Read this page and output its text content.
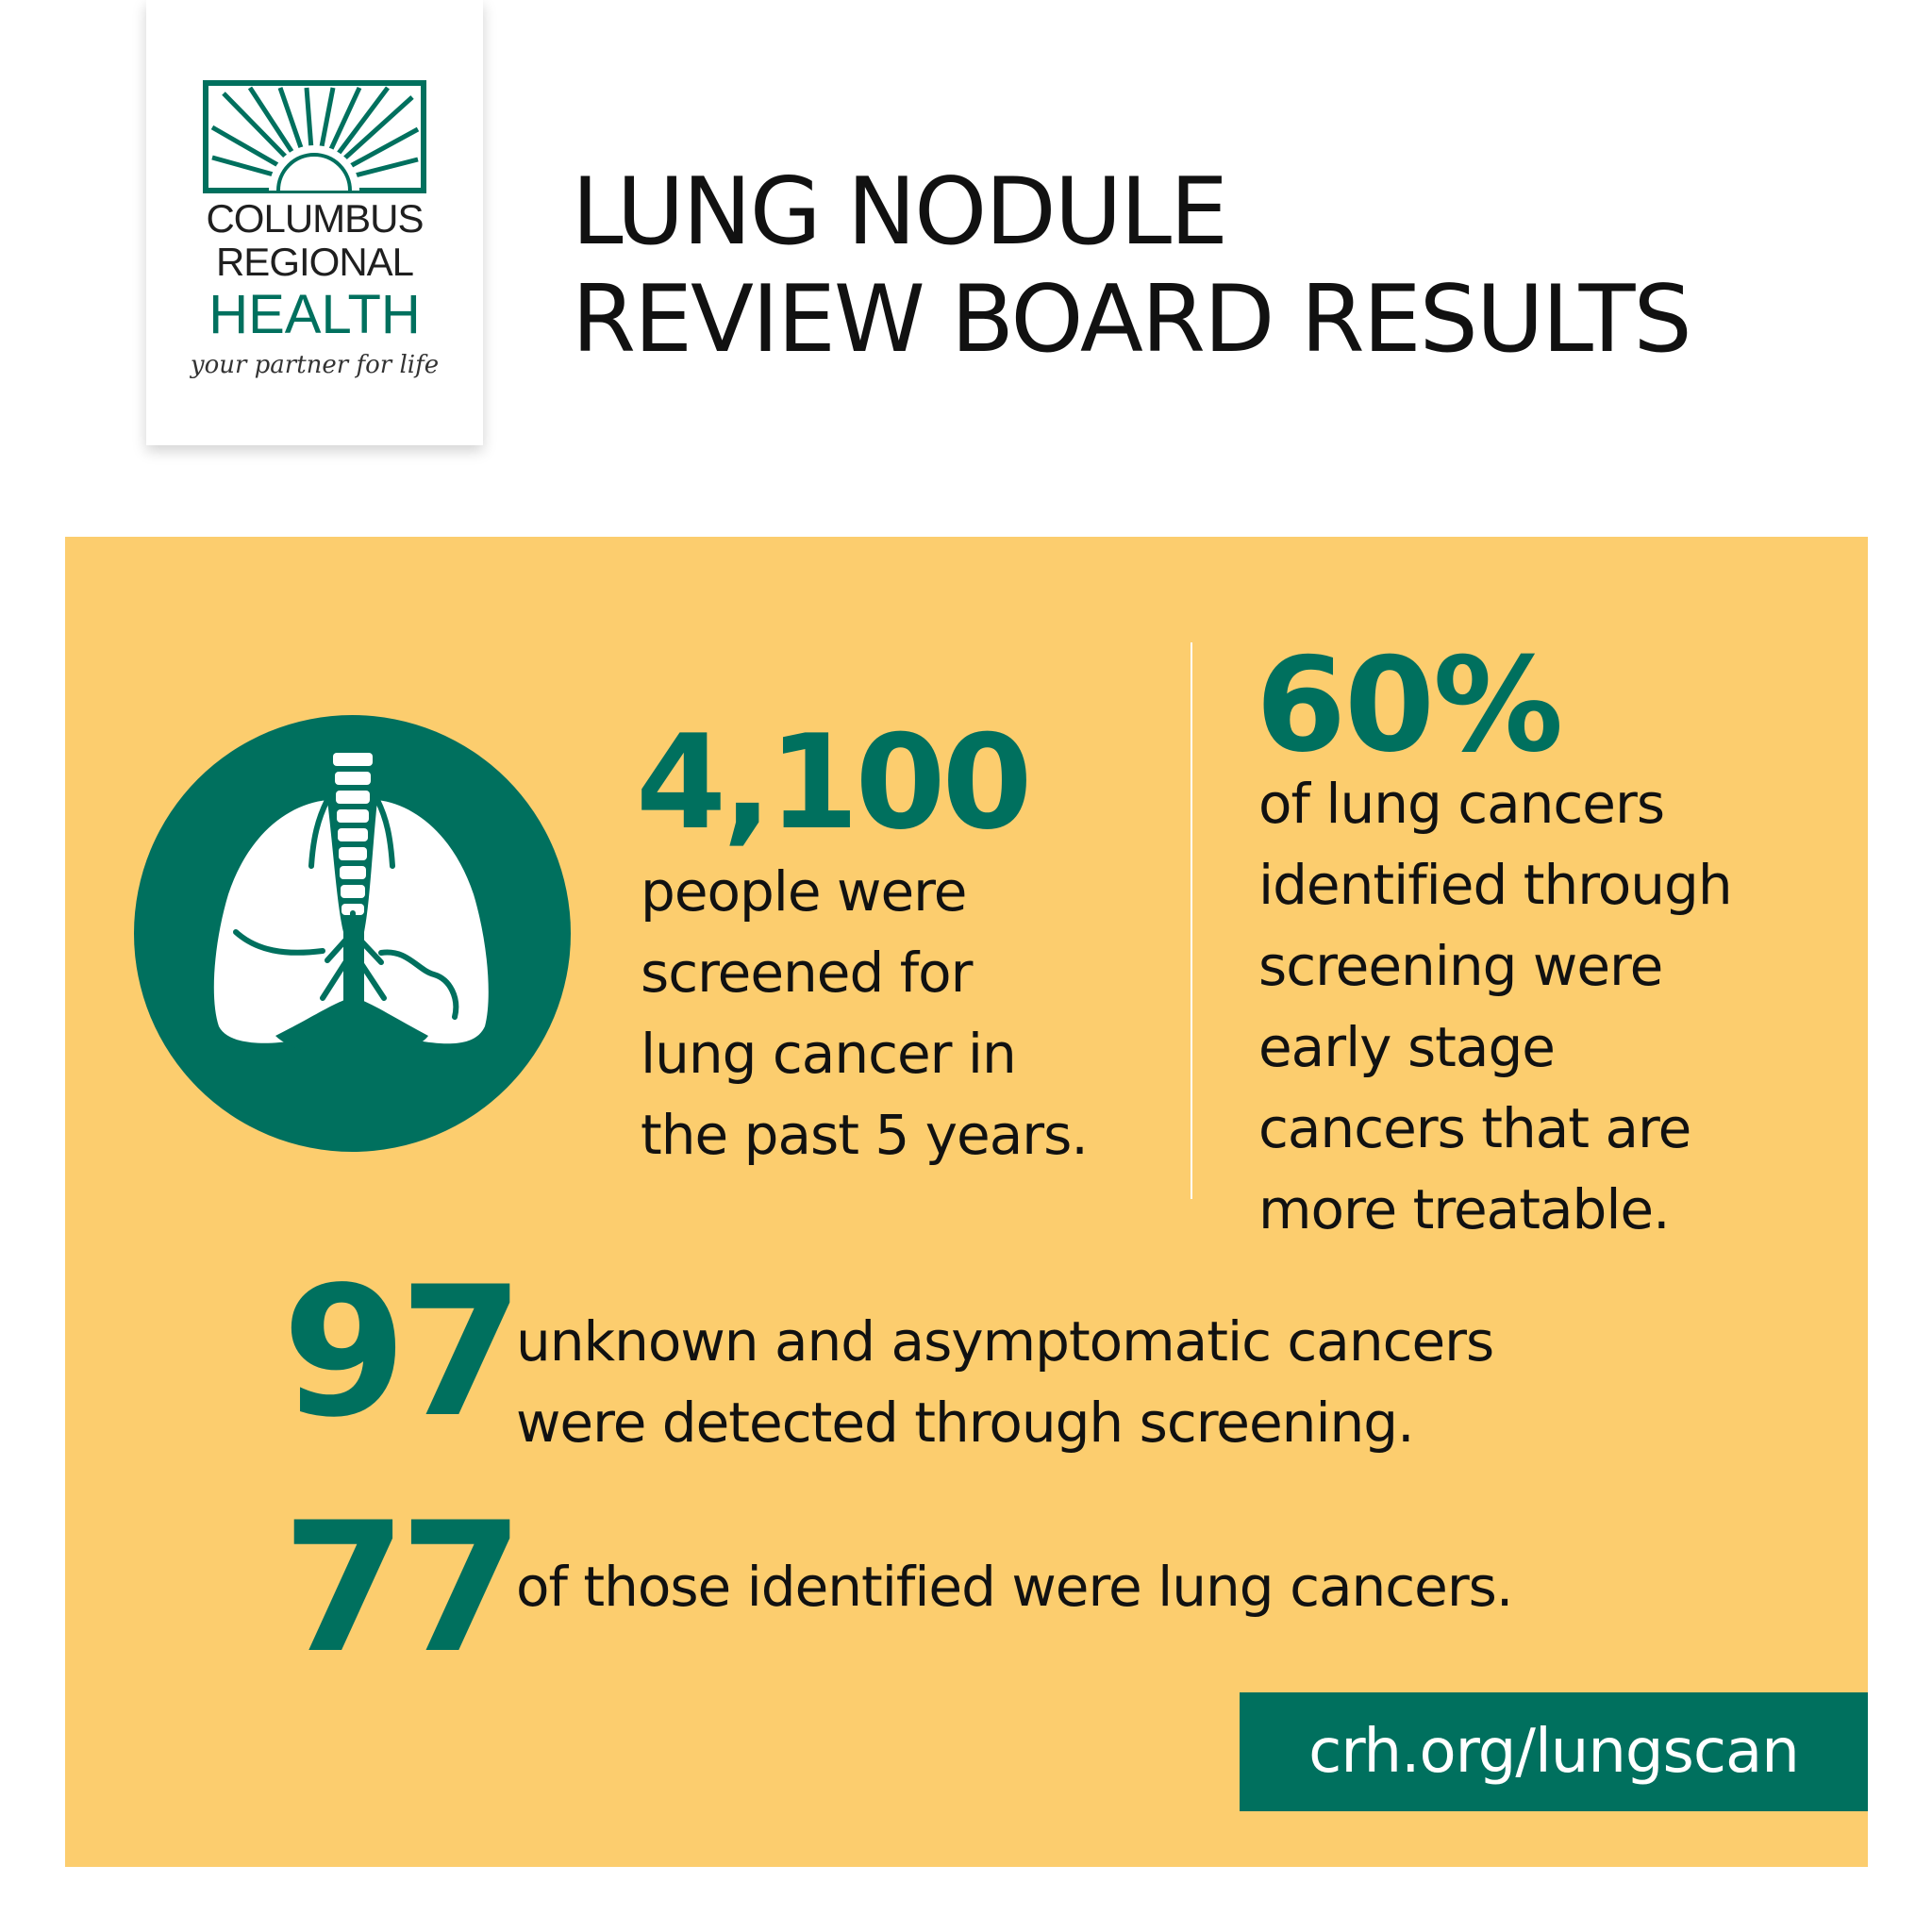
COLUMBUS
REGIONAL
HEALTH
your partner for life
LUNG NODULE
REVIEW BOARD RESULTS
4,100
people were
screened for
lung cancer in
the past 5 years.
60%
of lung cancers
identified through
screening were
early stage
cancers that are
more treatable.
97 unknown and asymptomatic cancers
were detected through screening.
77 of those identified were lung cancers.
crh.org/lungscan
